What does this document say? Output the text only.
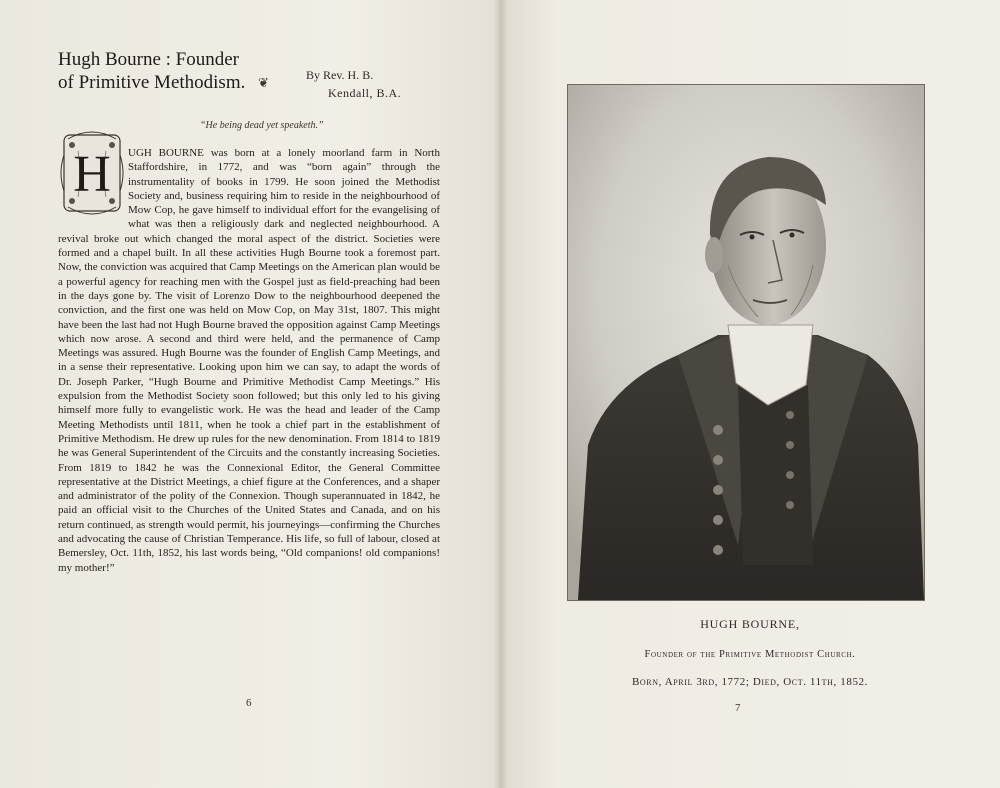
Hugh Bourne : Founder of Primitive Methodism. ❦
By Rev. H. B.
Kendall, B.A.
“He being dead yet speaketh.”
H	UGH BOURNE was born at a lonely moorland farm in North Staffordshire, in 1772, and was “born again” through the instrumentality of books in 1799. He soon joined the Methodist Society and, business requiring him to reside in the neighbourhood of Mow Cop, he gave himself to individual effort for the evangelising of what was then a religiously dark and neglected neighbourhood. A revival broke out which changed the moral aspect of the district. Societies were formed and a chapel built. In all these activities Hugh Bourne took a foremost part. Now, the conviction was acquired that Camp Meetings on the American plan would be a powerful agency for reaching men with the Gospel just as field-preaching had been in the days gone by. The visit of Lorenzo Dow to the neighbourhood deepened the conviction, and the first one was held on Mow Cop, on May 31st, 1807. This might have been the last had not Hugh Bourne braved the opposition against Camp Meetings which now arose. A second and third were held, and the permanence of Camp Meetings was assured. Hugh Bourne was the founder of English Camp Meetings, and in a sense their representative. Looking upon him we can say, to adapt the words of Dr. Joseph Parker, “Hugh Bourne and Primitive Methodist Camp Meetings.” His expulsion from the Methodist Society soon followed; but this only led to his giving himself more fully to evangelistic work. He was the head and leader of the Camp Meeting Methodists until 1811, when he took a chief part in the establishment of Primitive Methodism. He drew up rules for the new denomination. From 1814 to 1819 he was General Superintendent of the Circuits and the constantly increasing Societies. From 1819 to 1842 he was the Connexional Editor, the General Committee representative at the District Meetings, a chief figure at the Conferences, and a shaper and administrator of the polity of the Connexion. Though superannuated in 1842, he paid an official visit to the Churches of the United States and Canada, and on his return continued, as strength would permit, his journeyings—confirming the Churches and advocating the cause of Christian Temperance. His life, so full of labour, closed at Bemersley, Oct. 11th, 1852, his last words being, “Old companions! old companions! my mother!”
6
HUGH BOURNE,
Founder of the Primitive Methodist Church.
Born, April 3rd, 1772; Died, Oct. 11th, 1852.
7
